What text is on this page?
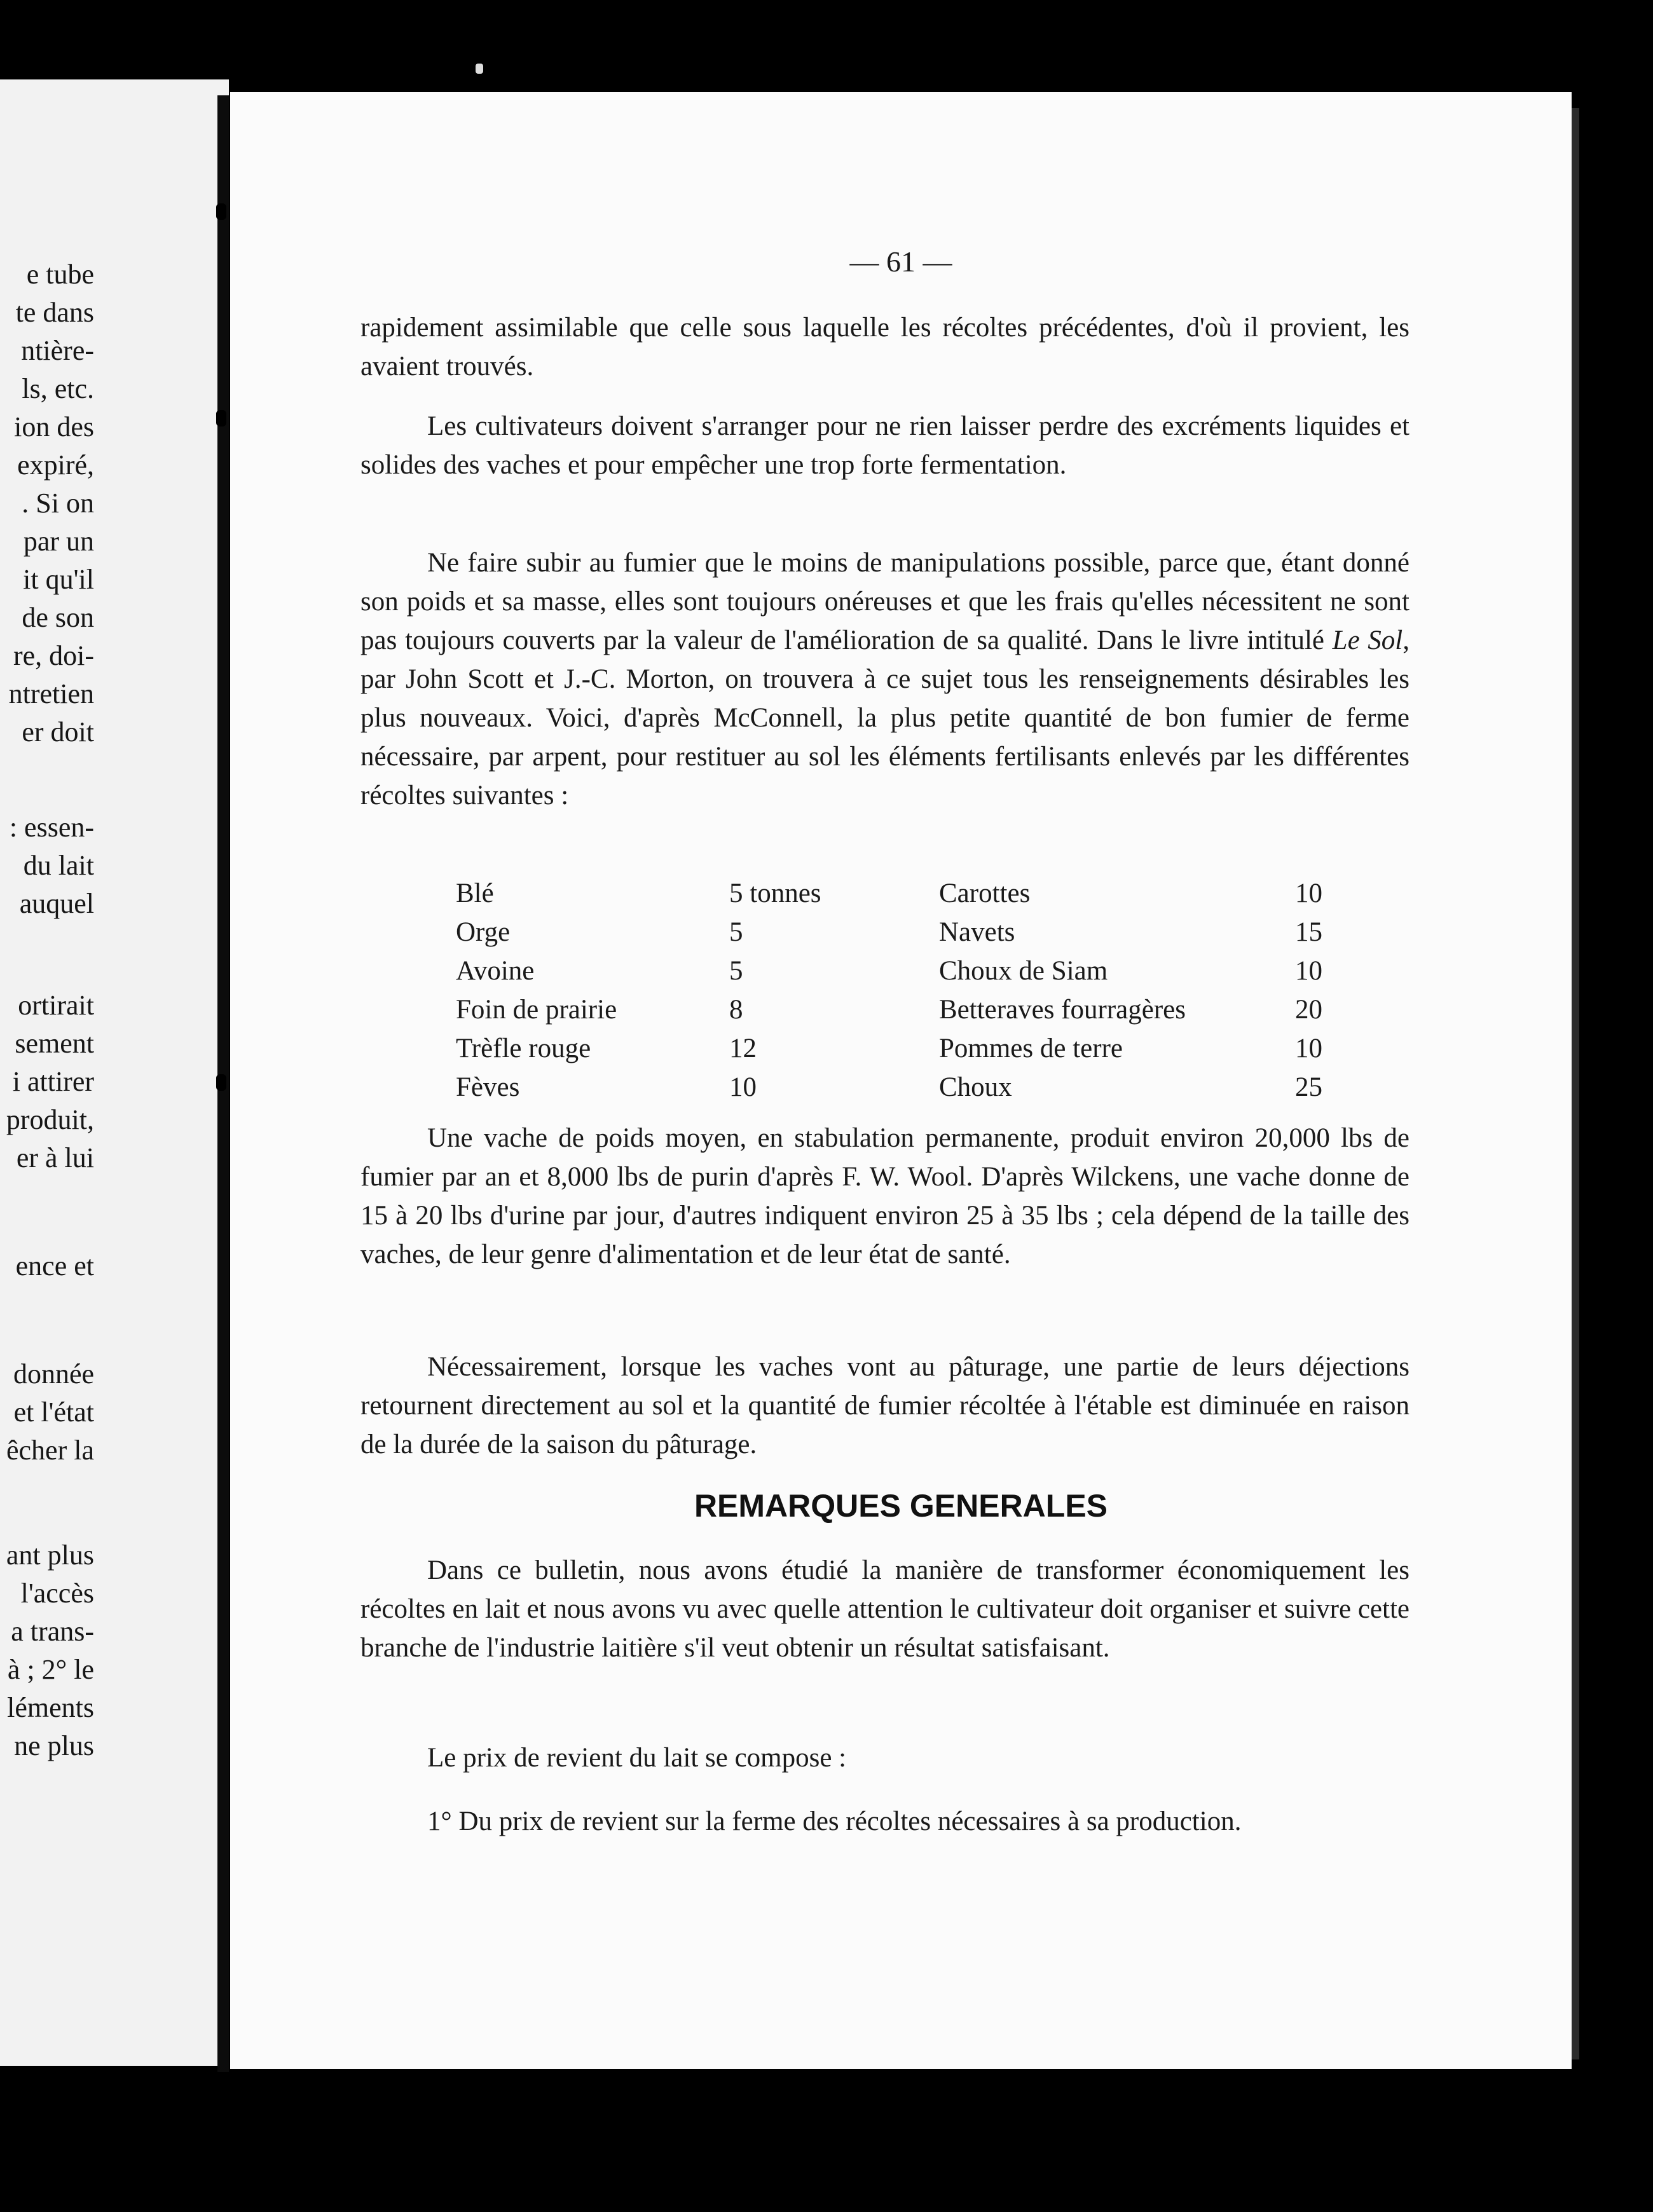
e tube
te dans
ntière-
ls, etc.
ion des
expiré,
. Si on
par un
it qu'il
de son
re, doi-
ntretien
er doit
: essen-
du lait
auquel
ortirait
sement
i attirer
produit,
er à lui
ence et
donnée
et l'état
êcher la
ant plus
l'accès
a trans-
à ; 2° le
léments
ne plus
— 61 —

rapidement assimilable que celle sous laquelle les récoltes précédentes, d'où il provient, les avaient trouvés.

Les cultivateurs doivent s'arranger pour ne rien laisser perdre des excréments liquides et solides des vaches et pour empêcher une trop forte fermentation.

Ne faire subir au fumier que le moins de manipulations possible, parce que, étant donné son poids et sa masse, elles sont toujours onéreuses et que les frais qu'elles nécessitent ne sont pas toujours couverts par la valeur de l'amélioration de sa qualité. Dans le livre intitulé Le Sol, par John Scott et J.-C. Morton, on trouvera à ce sujet tous les renseignements désirables les plus nouveaux. Voici, d'après McConnell, la plus petite quantité de bon fumier de ferme nécessaire, par arpent, pour restituer au sol les éléments fertilisants enlevés par les différentes récoltes suivantes :

Blé	5 tonnes	Carottes	10
Orge	5	Navets	15
Avoine	5	Choux de Siam	10
Foin de prairie	8	Betteraves fourragères	20
Trèfle rouge	12	Pommes de terre	10
Fèves	10	Choux	25

Une vache de poids moyen, en stabulation permanente, produit environ 20,000 lbs de fumier par an et 8,000 lbs de purin d'après F. W. Wool. D'après Wilckens, une vache donne de 15 à 20 lbs d'urine par jour, d'autres indiquent environ 25 à 35 lbs ; cela dépend de la taille des vaches, de leur genre d'alimentation et de leur état de santé.

Nécessairement, lorsque les vaches vont au pâturage, une partie de leurs déjections retournent directement au sol et la quantité de fumier récoltée à l'étable est diminuée en raison de la durée de la saison du pâturage.

REMARQUES GENERALES

Dans ce bulletin, nous avons étudié la manière de transformer économiquement les récoltes en lait et nous avons vu avec quelle attention le cultivateur doit organiser et suivre cette branche de l'industrie laitière s'il veut obtenir un résultat satisfaisant.

Le prix de revient du lait se compose :

1° Du prix de revient sur la ferme des récoltes nécessaires à sa production.
